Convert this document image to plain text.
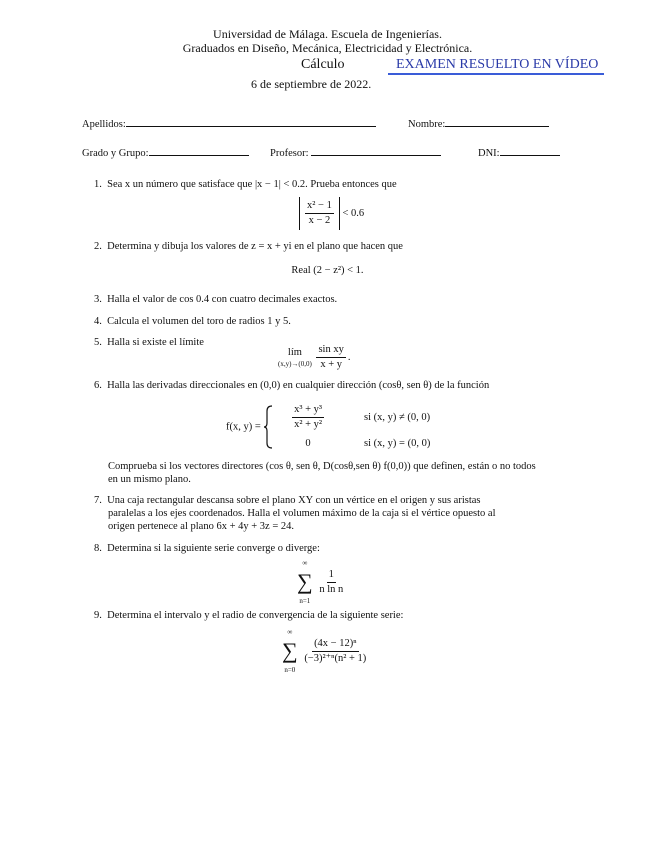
Universidad de Málaga. Escuela de Ingenierías.
Graduados en Diseño, Mecánica, Electricidad y Electrónica.
Cálculo	EXAMEN RESUELTO EN VÍDEO
6 de septiembre de 2022.
Apellidos:	Nombre:
Grado y Grupo:	Profesor:	DNI:
1. Sea x un número que satisface que |x − 1| < 0.2. Prueba entonces que
$\frac{\text{x² − 1}}{x - 2} < 0.6$
2. Determina y dibuja los valores de z = x + yi en el plano que hacen que
Real (2 − z²) < 1.
3. Halla el valor de cos 0.4 con cuatro decimales exactos.
4. Calcula el volumen del toro de radios 1 y 5.
5. Halla si existe el límite
lím
(x,y)→(0,0)
$\frac{\text{sin xy}}{x + y}$ .
6. Halla las derivadas direccionales en (0,0) en cualquier dirección (cosθ, sen θ) de la función
f(x, $y) = \frac{\text{x³ + y³}}{\text{x² + y²}}$ si (x, y) ≠ (0, 0)
0	si (x, y) = (0, 0)
Comprueba si los vectores directores (cos θ, sen θ, D(cosθ,sen θ) f(0,0)) que definen, están o no todos
en un mismo plano.
7. Una caja rectangular descansa sobre el plano XY con un vértice en el origen y sus aristas
paralelas a los ejes coordenados. Halla el volumen máximo de la caja si el vértice opuesto al
origen pertenece al plano 6x + 4y + 3z = 24.
8. Determina si la siguiente serie converge o diverge:
∞
∑
n=1

$\frac{1}{\text{n ln n}}$
9. Determina el intervalo y el radio de convergencia de la siguiente serie:
∞
∑
n=0

$\frac{\text{(4x − 12)ⁿ}}{\text{(−3)²⁺ⁿ(n² + 1)}}$
